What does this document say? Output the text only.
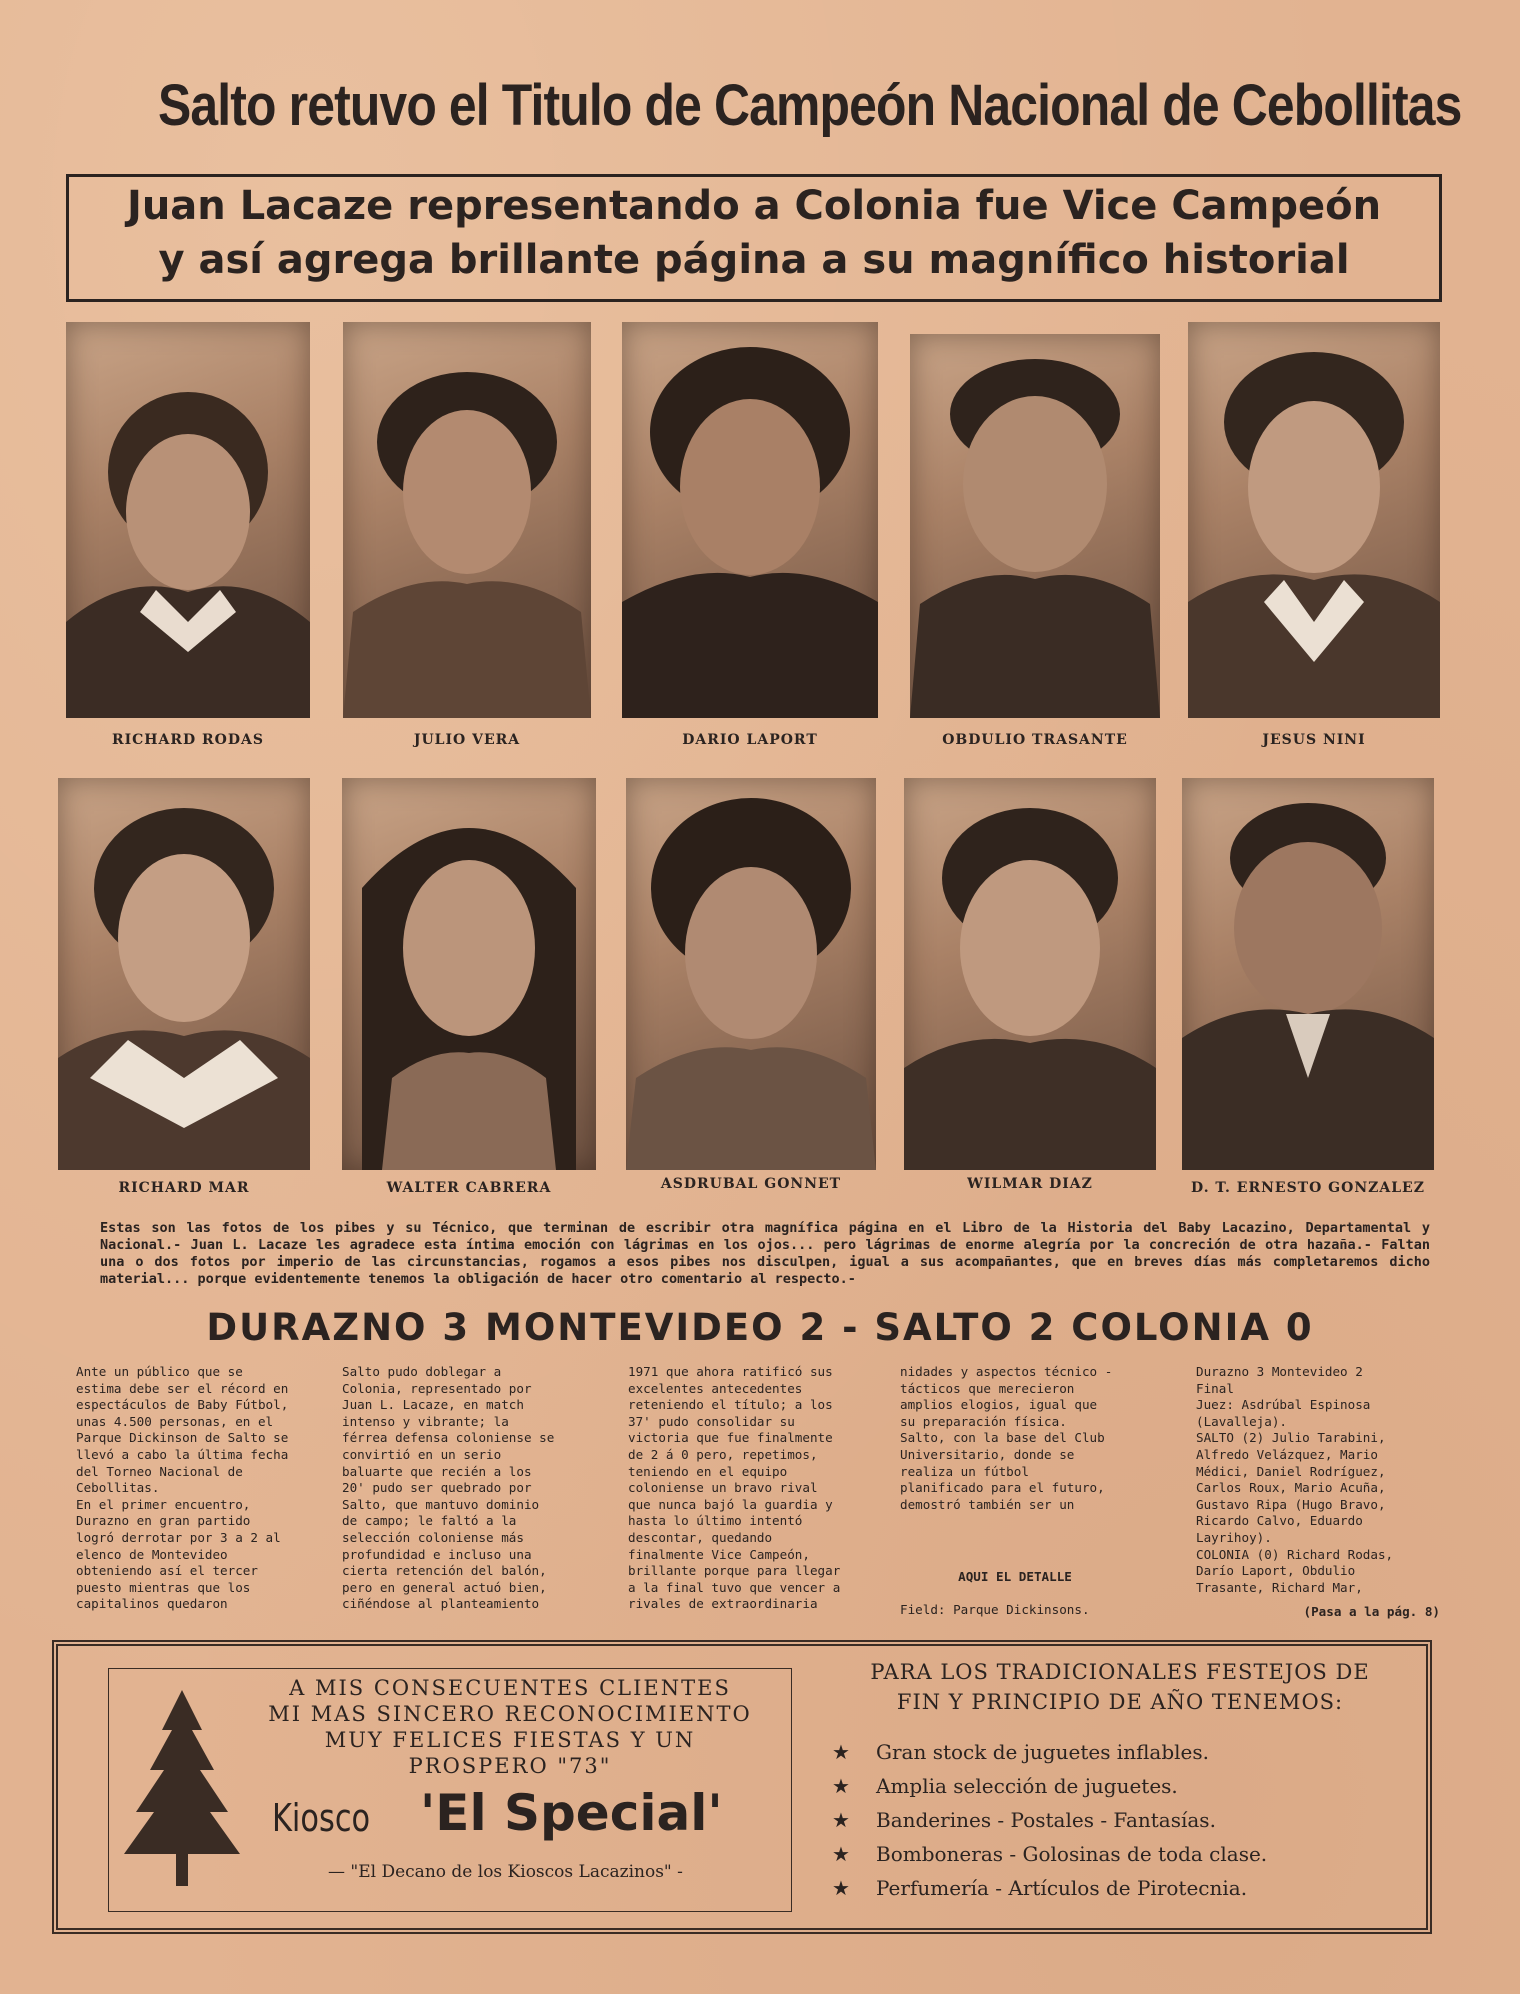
Salto retuvo el Titulo de Campeón Nacional de Cebollitas
Juan Lacaze representando a Colonia fue Vice Campeón
y así agrega brillante página a su magnífico historial
RICHARD RODAS	JULIO VERA	DARIO LAPORT	OBDULIO TRASANTE	JESUS NINI
RICHARD MAR	WALTER CABRERA	ASDRUBAL GONNET	WILMAR DIAZ	D. T. ERNESTO GONZALEZ
Estas son las fotos de los pibes y su Técnico, que terminan de escribir otra magnífica página en el Libro de la Historia del Baby Lacazino, Departamental y Nacional.- Juan L. Lacaze les agradece esta íntima emoción con lágrimas en los ojos... pero lágrimas de enorme alegría por la concreción de otra hazaña.- Faltan una o dos fotos por imperio de las circunstancias, rogamos a esos pibes nos disculpen, igual a sus acompañantes, que en breves días más completaremos dicho material... porque evidentemente tenemos la obligación de hacer otro comentario al respecto.-
DURAZNO 3 MONTEVIDEO 2 - SALTO 2 COLONIA 0
Ante un público que se estima debe ser el récord en espectáculos de Baby Fútbol, unas 4.500 personas, en el Parque Dickinson de Salto se llevó a cabo la última fecha del Torneo Nacional de Cebollitas.
En el primer encuentro, Durazno en gran partido logró derrotar por 3 a 2 al elenco de Montevideo obteniendo así el tercer puesto mientras que los capitalinos quedaron

Salto pudo doblegar a Colonia, representado por Juan L. Lacaze, en match intenso y vibrante; la férrea defensa coloniense se convirtió en un serio baluarte que recién a los 20' pudo ser quebrado por Salto, que mantuvo dominio de campo; le faltó a la selección coloniense más profundidad e incluso una cierta retención del balón, pero en general actuó bien, ciñéndose al planteamiento
1971 que ahora ratificó sus excelentes antecedentes reteniendo el título; a los 37' pudo consolidar su victoria que fue finalmente de 2 á 0 pero, repetimos, teniendo en el equipo coloniense un bravo rival que nunca bajó la guardia y hasta lo último intentó descontar, quedando finalmente Vice Campeón, brillante porque para llegar a la final tuvo que vencer a rivales de extraordinaria
nidades y aspectos técnico - tácticos que merecieron amplios elogios, igual que su preparación física.
Salto, con la base del Club Universitario, donde se realiza un fútbol planificado para el futuro, demostró también ser un

AQUI EL DETALLE

Field: Parque Dickinsons.

Durazno 3 Montevideo 2
Final
Juez: Asdrúbal Espinosa (Lavalleja).
SALTO (2) Julio Tarabini, Alfredo Velázquez, Mario Médici, Daniel Rodríguez, Carlos Roux, Mario Acuña, Gustavo Ripa (Hugo Bravo, Ricardo Calvo, Eduardo Layrihoy).
COLONIA (0) Richard Rodas, Darío Laport, Obdulio Trasante, Richard Mar,
(Pasa a la pág. 8)
A MIS CONSECUENTES CLIENTES
MI MAS SINCERO RECONOCIMIENTO
MUY FELICES FIESTAS Y UN
PROSPERO "73"
Kiosco 'El Special'
— "El Decano de los Kioscos Lacazinos" -
PARA LOS TRADICIONALES FESTEJOS DE
FIN Y PRINCIPIO DE AÑO TENEMOS:
★ Gran stock de juguetes inflables.
★ Amplia selección de juguetes.
★ Banderines - Postales - Fantasías.
★ Bomboneras - Golosinas de toda clase.
★ Perfumería - Artículos de Pirotecnia.
